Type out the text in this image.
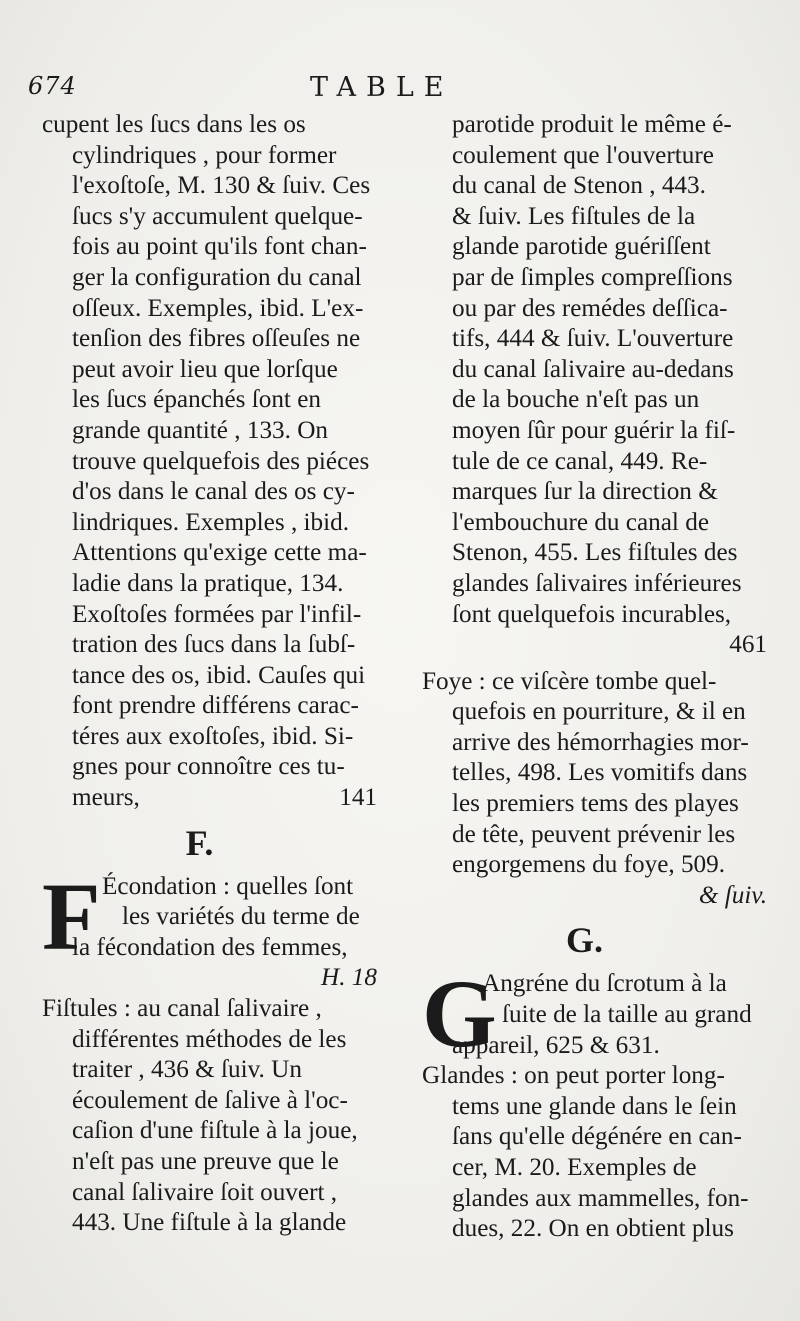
674	TABLE
cupent les ſucs dans les os
cylindriques , pour former
l'exoſtoſe, M. 130 & ſuiv. Ces
ſucs s'y accumulent quelque-
fois au point qu'ils font chan-
ger la configuration du canal
oſſeux. Exemples, ibid. L'ex-
tenſion des fibres oſſeuſes ne
peut avoir lieu que lorſque
les ſucs épanchés ſont en
grande quantité , 133. On
trouve quelquefois des piéces
d'os dans le canal des os cy-
lindriques. Exemples , ibid.
Attentions qu'exige cette ma-
ladie dans la pratique, 134.
Exoſtoſes formées par l'infil-
tration des ſucs dans la ſubſ-
tance des os, ibid. Cauſes qui
font prendre différens carac-
téres aux exoſtoſes, ibid. Si-
gnes pour connoître ces tu-
meurs,	141
F.
F Écondation : quelles ſont
les variétés du terme de
la fécondation des femmes,
H. 18
Fiſtules : au canal ſalivaire ,
différentes méthodes de les
traiter , 436 & ſuiv. Un
écoulement de ſalive à l'oc-
caſion d'une fiſtule à la joue,
n'eſt pas une preuve que le
canal ſalivaire ſoit ouvert ,
443. Une fiſtule à la glande
parotide produit le même é-
coulement que l'ouverture
du canal de Stenon , 443.
& ſuiv. Les fiſtules de la
glande parotide guériſſent
par de ſimples compreſſions
ou par des remédes deſſica-
tifs, 444 & ſuiv. L'ouverture
du canal ſalivaire au-dedans
de la bouche n'eſt pas un
moyen ſûr pour guérir la fiſ-
tule de ce canal, 449. Re-
marques ſur la direction &
l'embouchure du canal de
Stenon, 455. Les fiſtules des
glandes ſalivaires inférieures
ſont quelquefois incurables,
461
Foye : ce viſcère tombe quel-
quefois en pourriture, & il en
arrive des hémorrhagies mor-
telles, 498. Les vomitifs dans
les premiers tems des playes
de tête, peuvent prévenir les
engorgemens du foye, 509.
& ſuiv.
G.
G
Angréne du ſcrotum à la
ſuite de la taille au grand
appareil, 625 & 631.
Glandes : on peut porter long-
tems une glande dans le ſein
ſans qu'elle dégénére en can-
cer, M. 20. Exemples de
glandes aux mammelles, fon-
dues, 22. On en obtient plus
